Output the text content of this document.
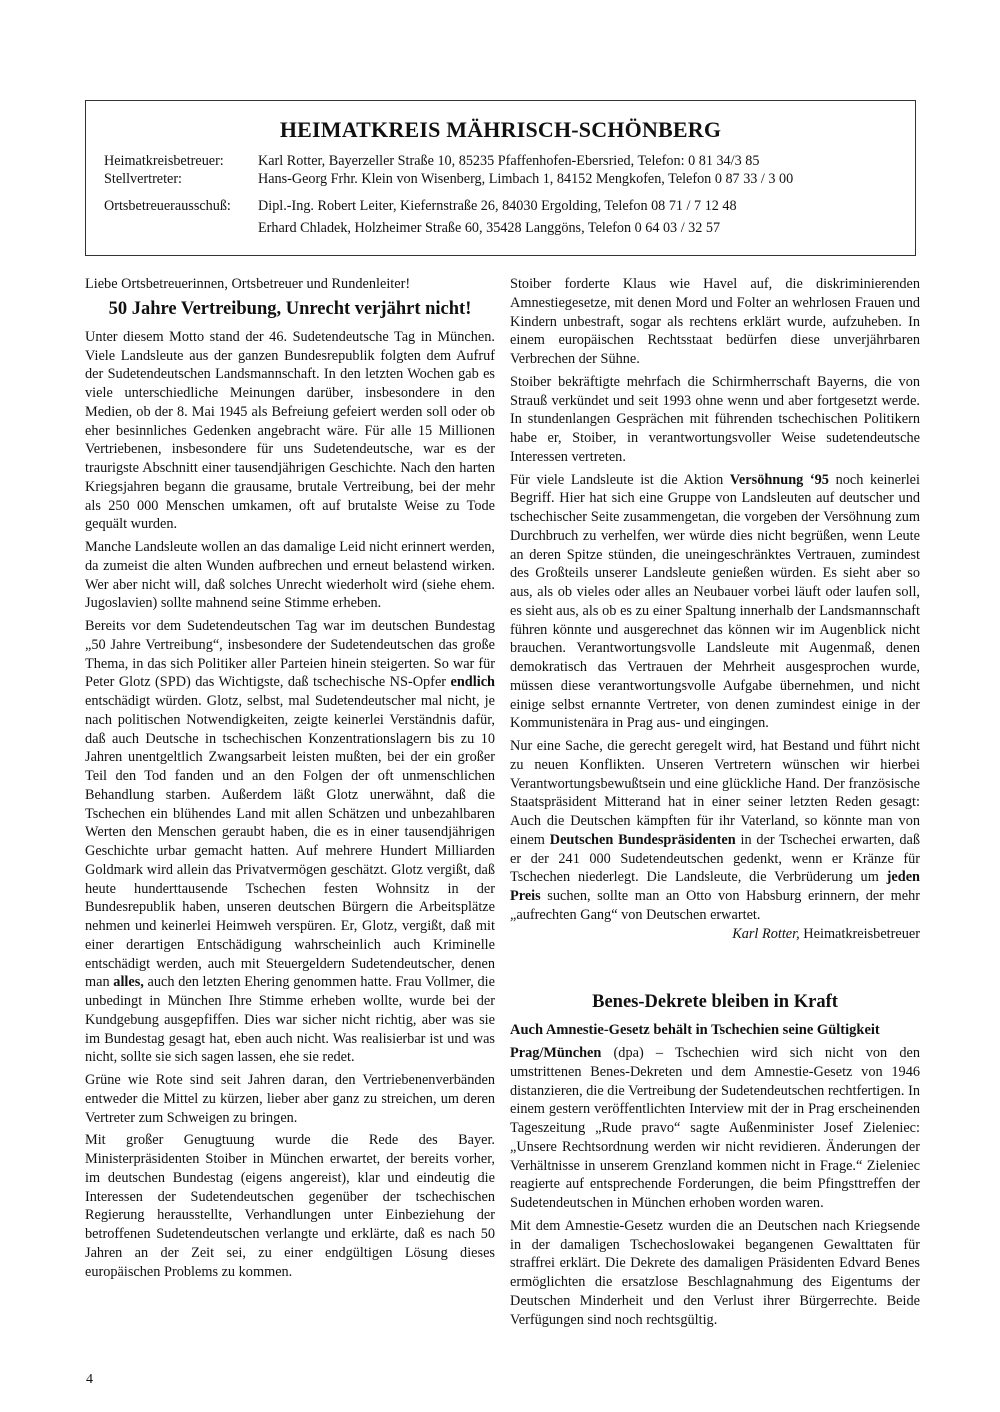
HEIMATKREIS MÄHRISCH-SCHÖNBERG
Heimatkreisbetreuer: Karl Rotter, Bayerzeller Straße 10, 85235 Pfaffenhofen-Ebersried, Telefon: 0 81 34/3 85
Stellvertreter:	Hans-Georg Frhr. Klein von Wisenberg, Limbach 1, 84152 Mengkofen, Telefon 0 87 33 / 3 00
Ortsbetreuerausschuß: Dipl.-Ing. Robert Leiter, Kiefernstraße 26, 84030 Ergolding, Telefon 08 71 / 7 12 48
Erhard Chladek, Holzheimer Straße 60, 35428 Langgöns, Telefon 0 64 03 / 32 57

Liebe Ortsbetreuerinnen, Ortsbetreuer und Rundenleiter!

50 Jahre Vertreibung, Unrecht verjährt nicht!

Unter diesem Motto stand der 46. Sudetendeutsche Tag in München. Viele Landsleute aus der ganzen Bundesrepublik folgten dem Aufruf der Sudetendeutschen Landsmannschaft. In den letzten Wochen gab es viele unterschiedliche Meinungen darüber, insbesondere in den Medien, ob der 8. Mai 1945 als Befreiung gefeiert werden soll oder ob eher besinnliches Gedenken angebracht wäre. Für alle 15 Millionen Vertriebenen, insbesondere für uns Sudetendeutsche, war es der traurigste Abschnitt einer tausendjährigen Geschichte. Nach den harten Kriegsjahren begann die grausame, brutale Vertreibung, bei der mehr als 250 000 Menschen umkamen, oft auf brutalste Weise zu Tode gequält wurden.

Manche Landsleute wollen an das damalige Leid nicht erinnert werden, da zumeist die alten Wunden aufbrechen und erneut belastend wirken. Wer aber nicht will, daß solches Unrecht wiederholt wird (siehe ehem. Jugoslavien) sollte mahnend seine Stimme erheben.

Bereits vor dem Sudetendeutschen Tag war im deutschen Bundestag „50 Jahre Vertreibung“, insbesondere der Sudetendeutschen das große Thema, in das sich Politiker aller Parteien hinein steigerten. So war für Peter Glotz (SPD) das Wichtigste, daß tschechische NS-Opfer endlich entschädigt würden. Glotz, selbst, mal Sudetendeutscher mal nicht, je nach politischen Notwendigkeiten, zeigte keinerlei Verständnis dafür, daß auch Deutsche in tschechischen Konzentrationslagern bis zu 10 Jahren unentgeltlich Zwangsarbeit leisten mußten, bei der ein großer Teil den Tod fanden und an den Folgen der oft unmenschlichen Behandlung starben. Außerdem läßt Glotz unerwähnt, daß die Tschechen ein blühendes Land mit allen Schätzen und unbezahlbaren Werten den Menschen geraubt haben, die es in einer tausendjährigen Geschichte urbar gemacht hatten. Auf mehrere Hundert Milliarden Goldmark wird allein das Privatvermögen geschätzt. Glotz vergißt, daß heute hunderttausende Tschechen festen Wohnsitz in der Bundesrepublik haben, unseren deutschen Bürgern die Arbeitsplätze nehmen und keinerlei Heimweh verspüren. Er, Glotz, vergißt, daß mit einer derartigen Entschädigung wahrscheinlich auch Kriminelle entschädigt werden, auch mit Steuergeldern Sudetendeutscher, denen man alles, auch den letzten Ehering genommen hatte. Frau Vollmer, die unbedingt in München Ihre Stimme erheben wollte, wurde bei der Kundgebung ausgepfiffen. Dies war sicher nicht richtig, aber was sie im Bundestag gesagt hat, eben auch nicht. Was realisierbar ist und was nicht, sollte sie sich sagen lassen, ehe sie redet.

Grüne wie Rote sind seit Jahren daran, den Vertriebenenverbänden entweder die Mittel zu kürzen, lieber aber ganz zu streichen, um deren Vertreter zum Schweigen zu bringen.

Mit großer Genugtuung wurde die Rede des Bayer. Ministerpräsidenten Stoiber in München erwartet, der bereits vorher, im deutschen Bundestag (eigens angereist), klar und eindeutig die Interessen der Sudetendeutschen gegenüber der tschechischen Regierung herausstellte, Verhandlungen unter Einbeziehung der betroffenen Sudetendeutschen verlangte und erklärte, daß es nach 50 Jahren an der Zeit sei, zu einer endgültigen Lösung dieses europäischen Problems zu kommen.

Stoiber forderte Klaus wie Havel auf, die diskriminierenden Amnestiegesetze, mit denen Mord und Folter an wehrlosen Frauen und Kindern unbestraft, sogar als rechtens erklärt wurde, aufzuheben. In einem europäischen Rechtsstaat bedürfen diese unverjährbaren Verbrechen der Sühne.

Stoiber bekräftigte mehrfach die Schirmherrschaft Bayerns, die von Strauß verkündet und seit 1993 ohne wenn und aber fortgesetzt werde. In stundenlangen Gesprächen mit führenden tschechischen Politikern habe er, Stoiber, in verantwortungsvoller Weise sudetendeutsche Interessen vertreten.

Für viele Landsleute ist die Aktion Versöhnung ‘95 noch keinerlei Begriff. Hier hat sich eine Gruppe von Landsleuten auf deutscher und tschechischer Seite zusammengetan, die vorgeben der Versöhnung zum Durchbruch zu verhelfen, wer würde dies nicht begrüßen, wenn Leute an deren Spitze stünden, die uneingeschränktes Vertrauen, zumindest des Großteils unserer Landsleute genießen würden. Es sieht aber so aus, als ob vieles oder alles an Neubauer vorbei läuft oder laufen soll, es sieht aus, als ob es zu einer Spaltung innerhalb der Landsmannschaft führen könnte und ausgerechnet das können wir im Augenblick nicht brauchen. Verantwortungsvolle Landsleute mit Augenmaß, denen demokratisch das Vertrauen der Mehrheit ausgesprochen wurde, müssen diese verantwortungsvolle Aufgabe übernehmen, und nicht einige selbst ernannte Vertreter, von denen zumindest einige in der Kommunistenära in Prag aus- und eingingen.

Nur eine Sache, die gerecht geregelt wird, hat Bestand und führt nicht zu neuen Konflikten. Unseren Vertretern wünschen wir hierbei Verantwortungsbewußtsein und eine glückliche Hand. Der französische Staatspräsident Mitterand hat in einer seiner letzten Reden gesagt: Auch die Deutschen kämpften für ihr Vaterland, so könnte man von einem Deutschen Bundespräsidenten in der Tschechei erwarten, daß er der 241 000 Sudetendeutschen gedenkt, wenn er Kränze für Tschechen niederlegt. Die Landsleute, die Verbrüderung um jeden Preis suchen, sollte man an Otto von Habsburg erinnern, der mehr „aufrechten Gang“ von Deutschen erwartet.

Karl Rotter, Heimatkreisbetreuer

Benes-Dekrete bleiben in Kraft
Auch Amnestie-Gesetz behält in Tschechien seine Gültigkeit

Prag/München (dpa) – Tschechien wird sich nicht von den umstrittenen Benes-Dekreten und dem Amnestie-Gesetz von 1946 distanzieren, die die Vertreibung der Sudetendeutschen rechtfertigen. In einem gestern veröffentlichten Interview mit der in Prag erscheinenden Tageszeitung „Rude pravo“ sagte Außenminister Josef Zieleniec: „Unsere Rechtsordnung werden wir nicht revidieren. Änderungen der Verhältnisse in unserem Grenzland kommen nicht in Frage.“ Zieleniec reagierte auf entsprechende Forderungen, die beim Pfingsttreffen der Sudetendeutschen in München erhoben worden waren.

Mit dem Amnestie-Gesetz wurden die an Deutschen nach Kriegsende in der damaligen Tschechoslowakei begangenen Gewalttaten für straffrei erklärt. Die Dekrete des damaligen Präsidenten Edvard Benes ermöglichten die ersatzlose Beschlagnahmung des Eigentums der Deutschen Minderheit und den Verlust ihrer Bürgerrechte. Beide Verfügungen sind noch rechtsgültig.

4
